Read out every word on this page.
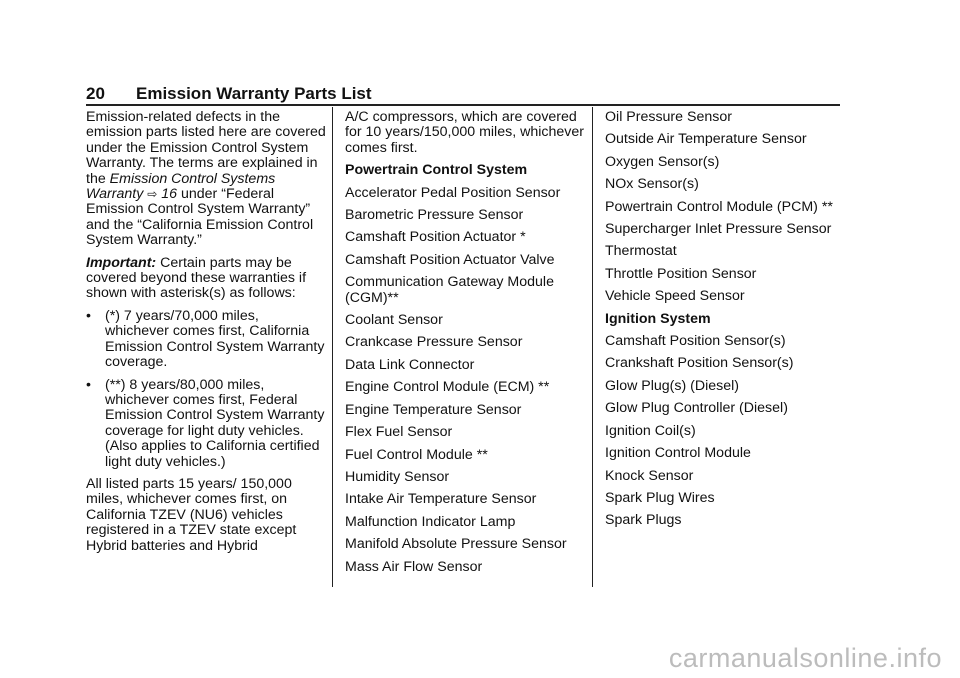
20 Emission Warranty Parts List

Emission-related defects in the emission parts listed here are covered under the Emission Control System Warranty. The terms are explained in the Emission Control Systems Warranty ⇨ 16 under “Federal Emission Control System Warranty” and the “California Emission Control System Warranty.”

Important: Certain parts may be covered beyond these warranties if shown with asterisk(s) as follows:

• (*) 7 years/70,000 miles, whichever comes first, California Emission Control System Warranty coverage.
• (**) 8 years/80,000 miles, whichever comes first, Federal Emission Control System Warranty coverage for light duty vehicles. (Also applies to California certified light duty vehicles.)

All listed parts 15 years/ 150,000 miles, whichever comes first, on California TZEV (NU6) vehicles registered in a TZEV state except Hybrid batteries and Hybrid

A/C compressors, which are covered for 10 years/150,000 miles, whichever comes first.

Powertrain Control System
Accelerator Pedal Position Sensor
Barometric Pressure Sensor
Camshaft Position Actuator *
Camshaft Position Actuator Valve
Communication Gateway Module (CGM)**
Coolant Sensor
Crankcase Pressure Sensor
Data Link Connector
Engine Control Module (ECM) **
Engine Temperature Sensor
Flex Fuel Sensor
Fuel Control Module **
Humidity Sensor
Intake Air Temperature Sensor
Malfunction Indicator Lamp
Manifold Absolute Pressure Sensor
Mass Air Flow Sensor
Oil Pressure Sensor
Outside Air Temperature Sensor
Oxygen Sensor(s)
NOx Sensor(s)
Powertrain Control Module (PCM) **
Supercharger Inlet Pressure Sensor
Thermostat
Throttle Position Sensor
Vehicle Speed Sensor
Ignition System
Camshaft Position Sensor(s)
Crankshaft Position Sensor(s)
Glow Plug(s) (Diesel)
Glow Plug Controller (Diesel)
Ignition Coil(s)
Ignition Control Module
Knock Sensor
Spark Plug Wires
Spark Plugs
carmanualsonline.info
